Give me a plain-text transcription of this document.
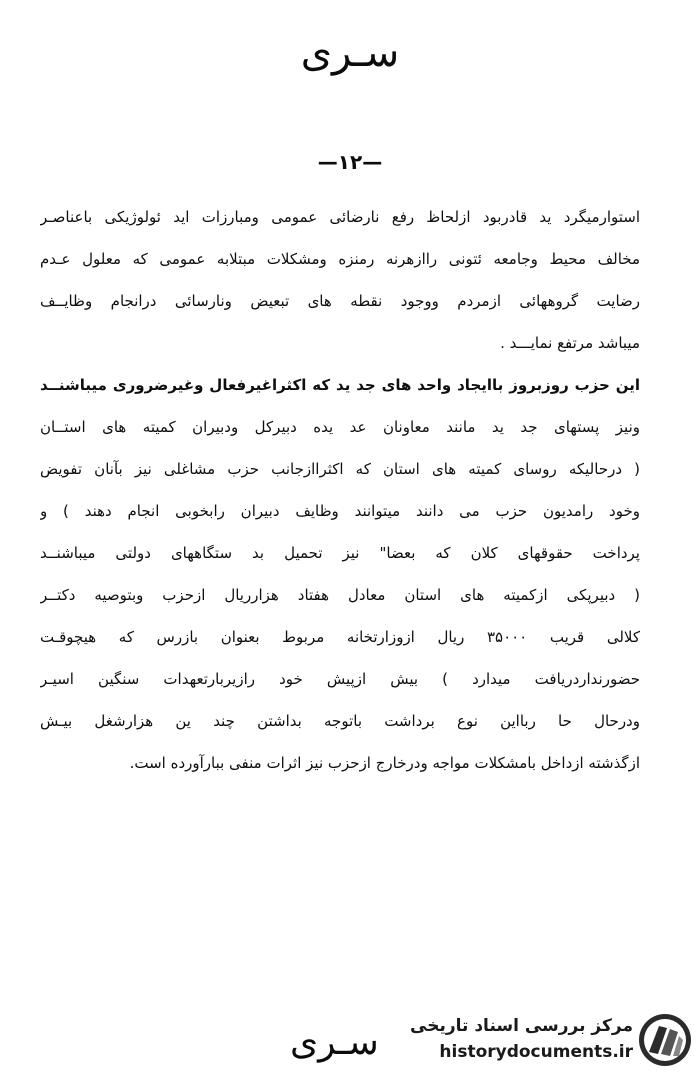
سـری
—۱۲—
استوارمیگرد ید قادربود ازلحاظ رفع نارضائی عمومی ومبارزات اید ئولوژیکی باعناصـر
مخالف محیط وجامعه ئتونی راازهرنه رمنزه ومشکلات مبتلابه عمومی که معلول عـدم
رضایت گروههائی ازمردم ووجود نقطه های تبعیض ونارسائی درانجام وظایــف
میباشد مرتفع نمایـــد .
این حزب روزبروز باایجاد واحد های جد ید که اکثراغیرفعال وغیرضروری میباشنــد
ونیز پستهای جد ید مانند معاونان عد یده دبیرکل ودبیران کمیته های استــان
( درحالیکه روسای کمیته های استان که اکثراازجانب حزب مشاغلی نیز بآنان تفویض
وخود رامدیون حزب می دانند میتوانند وظایف دبیران رابخوبی انجام دهند ) و
پرداخت حقوقهای کلان که بعضا" نیز تحمیل بد ستگاههای دولتی میباشنــد
( دبیرپکی ازکمیته های استان معادل هفتاد هزارریال ازحزب وبتوصیه دکتــر
کلالی قریب ۳۵۰۰۰ ریال ازوزارتخانه مربوط بعنوان بازرس که هیچوقـت
حضورنداردریافت میدارد ) بیش ازپیش خود رازیربارتعهدات سنگین اسیـر
ودرحال حا ربااین نوع برداشت باتوجه بداشتن چند ین هزارشغل بیـش
ازگذشته ازداخل بامشکلات مواجه ودرخارج ازحزب نیز اثرات منفی ببارآورده است.
سـری مرکز بررسی اسناد تاریخی
historydocuments.ir
